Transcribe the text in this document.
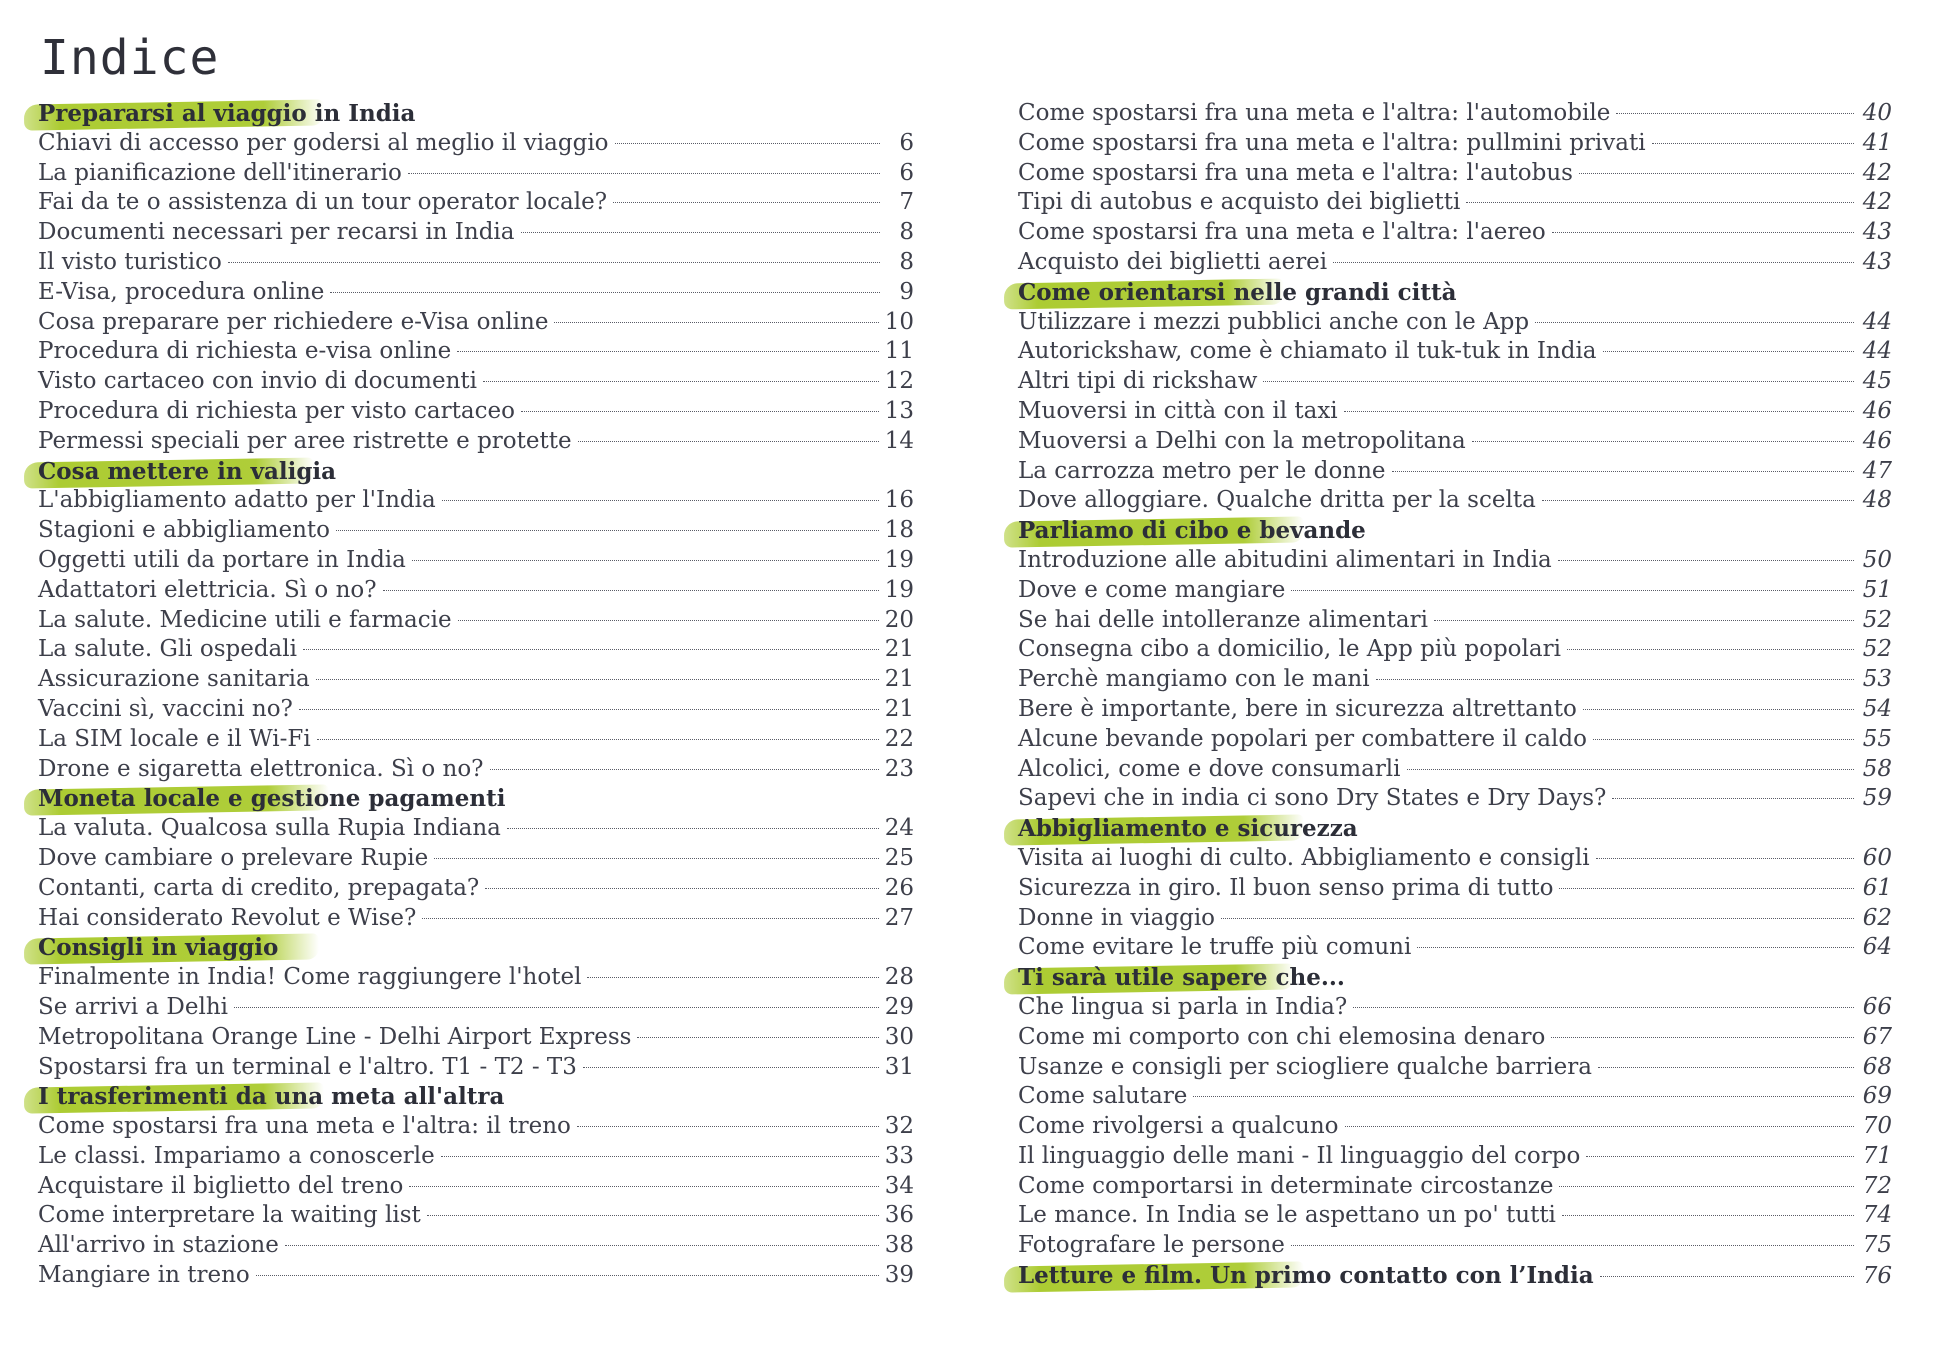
Indice
Prepararsi al viaggio in India
Chiavi di accesso per godersi al meglio il viaggio	6
La pianificazione dell'itinerario	6
Fai da te o assistenza di un tour operator locale?	7
Documenti necessari per recarsi in India	8
Il visto turistico	8
E-Visa, procedura online	9
Cosa preparare per richiedere e-Visa online	10
Procedura di richiesta e-visa online	11
Visto cartaceo con invio di documenti	12
Procedura di richiesta per visto cartaceo	13
Permessi speciali per aree ristrette e protette	14
Cosa mettere in valigia
L'abbigliamento adatto per l'India	16
Stagioni e abbigliamento	18
Oggetti utili da portare in India	19
Adattatori elettricia. Sì o no?	19
La salute. Medicine utili e farmacie	20
La salute. Gli ospedali	21
Assicurazione sanitaria	21
Vaccini sì, vaccini no?	21
La SIM locale e il Wi-Fi	22
Drone e sigaretta elettronica. Sì o no?	23
Moneta locale e gestione pagamenti
La valuta. Qualcosa sulla Rupia Indiana	24
Dove cambiare o prelevare Rupie	25
Contanti, carta di credito, prepagata?	26
Hai considerato Revolut e Wise?	27
Consigli in viaggio
Finalmente in India! Come raggiungere l'hotel	28
Se arrivi a Delhi	29
Metropolitana Orange Line - Delhi Airport Express	30
Spostarsi fra un terminal e l'altro. T1 - T2 - T3	31
I trasferimenti da una meta all'altra
Come spostarsi fra una meta e l'altra: il treno	32
Le classi. Impariamo a conoscerle	33
Acquistare il biglietto del treno	34
Come interpretare la waiting list	36
All'arrivo in stazione	38
Mangiare in treno	39
Come spostarsi fra una meta e l'altra: l'automobile	40
Come spostarsi fra una meta e l'altra: pullmini privati	41
Come spostarsi fra una meta e l'altra: l'autobus	42
Tipi di autobus e acquisto dei biglietti	42
Come spostarsi fra una meta e l'altra: l'aereo	43
Acquisto dei biglietti aerei	43
Come orientarsi nelle grandi città
Utilizzare i mezzi pubblici anche con le App	44
Autorickshaw, come è chiamato il tuk-tuk in India	44
Altri tipi di rickshaw	45
Muoversi in città con il taxi	46
Muoversi a Delhi con la metropolitana	46
La carrozza metro per le donne	47
Dove alloggiare. Qualche dritta per la scelta	48
Parliamo di cibo e bevande
Introduzione alle abitudini alimentari in India	50
Dove e come mangiare	51
Se hai delle intolleranze alimentari	52
Consegna cibo a domicilio, le App più popolari	52
Perchè mangiamo con le mani	53
Bere è importante, bere in sicurezza altrettanto	54
Alcune bevande popolari per combattere il caldo	55
Alcolici, come e dove consumarli	58
Sapevi che in india ci sono Dry States e Dry Days?	59
Abbigliamento e sicurezza
Visita ai luoghi di culto. Abbigliamento e consigli	60
Sicurezza in giro. Il buon senso prima di tutto	61
Donne in viaggio	62
Come evitare le truffe più comuni	64
Ti sarà utile sapere che...
Che lingua si parla in India?	66
Come mi comporto con chi elemosina denaro	67
Usanze e consigli per sciogliere qualche barriera	68
Come salutare	69
Come rivolgersi a qualcuno	70
Il linguaggio delle mani - Il linguaggio del corpo	71
Come comportarsi in determinate circostanze	72
Le mance. In India se le aspettano un po' tutti	74
Fotografare le persone	75
Letture e film. Un primo contatto con l’India	76
